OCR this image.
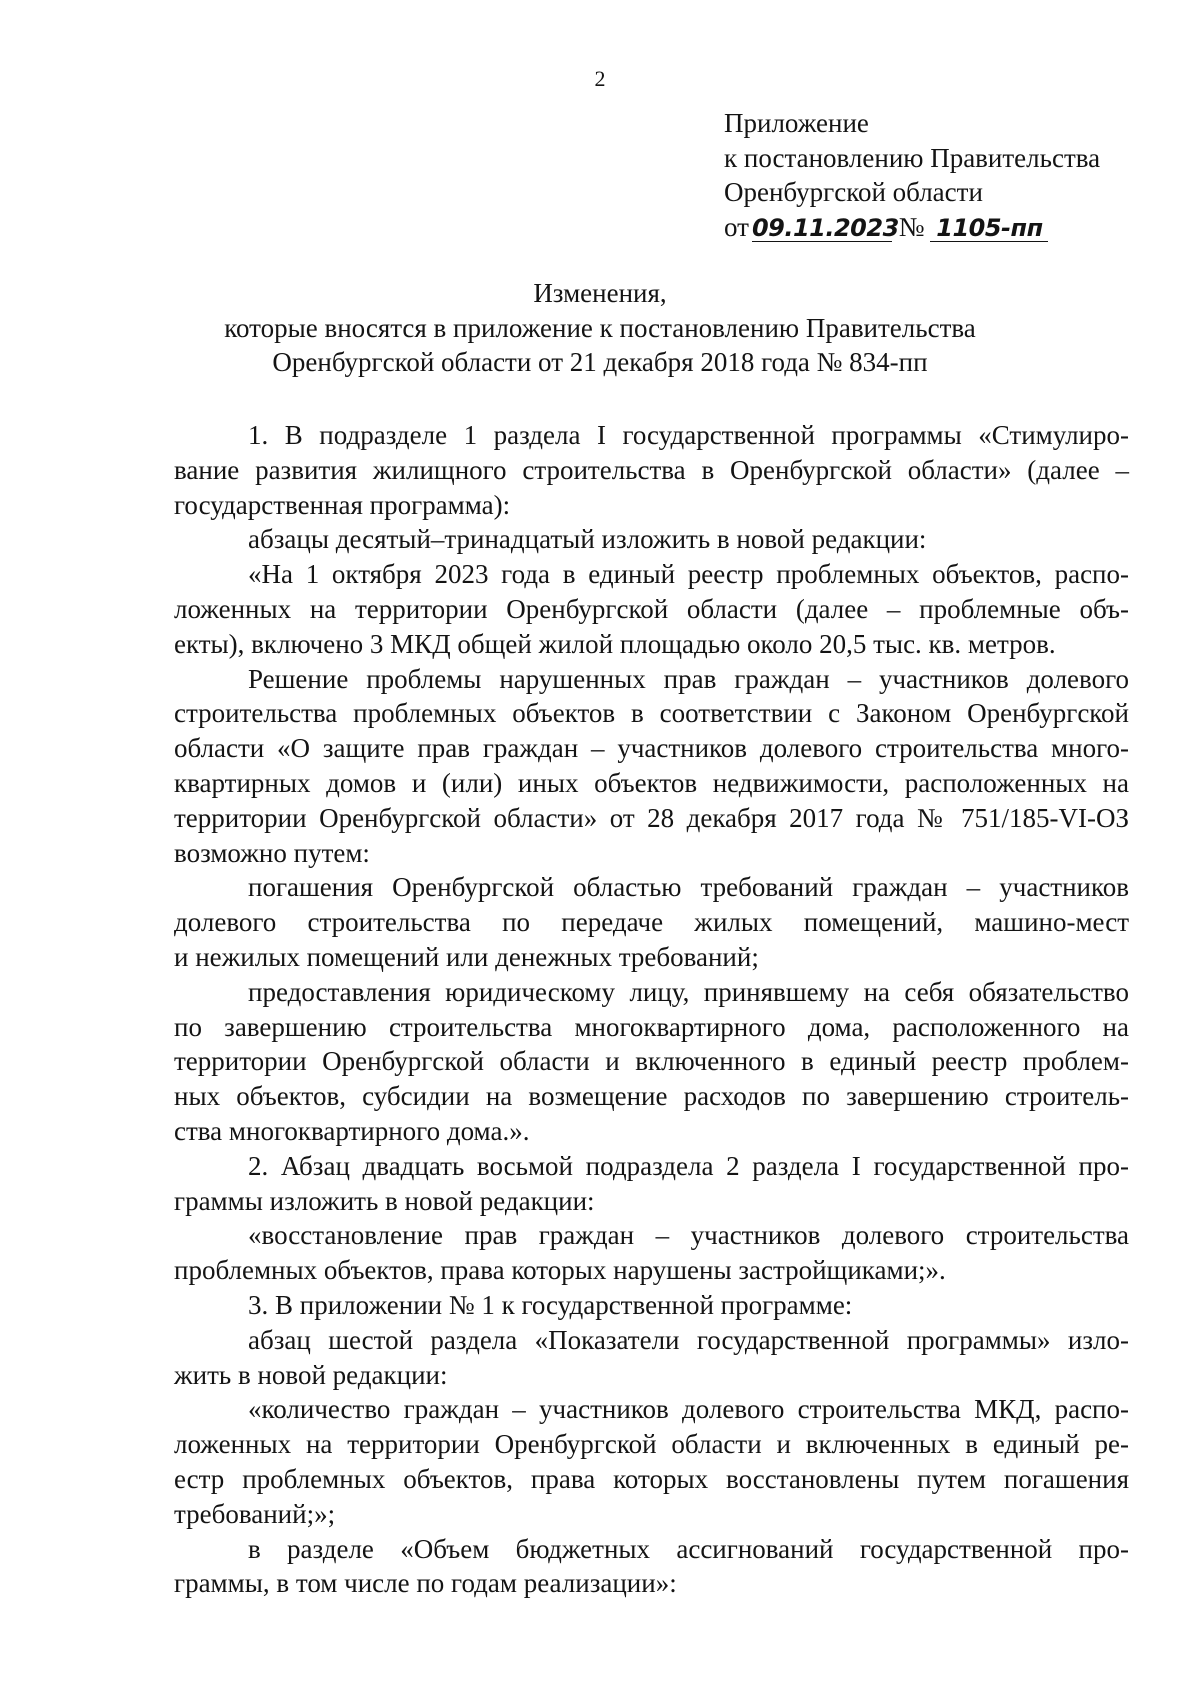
2
Приложение
к постановлению Правительства
Оренбургской области
от 09.11.2023 № 1105-пп
Изменения,
которые вносятся в приложение к постановлению Правительства
Оренбургской области от 21 декабря 2018 года № 834-пп

1. В подразделе 1 раздела I государственной программы «Стимулиро-
вание развития жилищного строительства в Оренбургской области» (далее –
государственная программа):

абзацы десятый–тринадцатый изложить в новой редакции:

«На 1 октября 2023 года в единый реестр проблемных объектов, распо-
ложенных на территории Оренбургской области (далее – проблемные объ-
екты), включено 3 МКД общей жилой площадью около 20,5 тыс. кв. метров.

Решение проблемы нарушенных прав граждан – участников долевого
строительства проблемных объектов в соответствии с Законом Оренбургской
области «О защите прав граждан – участников долевого строительства много-
квартирных домов и (или) иных объектов недвижимости, расположенных на
территории Оренбургской области» от 28 декабря 2017 года № 751/185-VI-ОЗ
возможно путем:

погашения Оренбургской областью требований граждан – участников
долевого строительства по передаче жилых помещений, машино-мест
и нежилых помещений или денежных требований;

предоставления юридическому лицу, принявшему на себя обязательство
по завершению строительства многоквартирного дома, расположенного на
территории Оренбургской области и включенного в единый реестр проблем-
ных объектов, субсидии на возмещение расходов по завершению строитель-
ства многоквартирного дома.».

2. Абзац двадцать восьмой подраздела 2 раздела I государственной про-
граммы изложить в новой редакции:

«восстановление прав граждан – участников долевого строительства
проблемных объектов, права которых нарушены застройщиками;».

3. В приложении № 1 к государственной программе:

абзац шестой раздела «Показатели государственной программы» изло-
жить в новой редакции:

«количество граждан – участников долевого строительства МКД, распо-
ложенных на территории Оренбургской области и включенных в единый ре-
естр проблемных объектов, права которых восстановлены путем погашения
требований;»;

в разделе «Объем бюджетных ассигнований государственной про-
граммы, в том числе по годам реализации»:
